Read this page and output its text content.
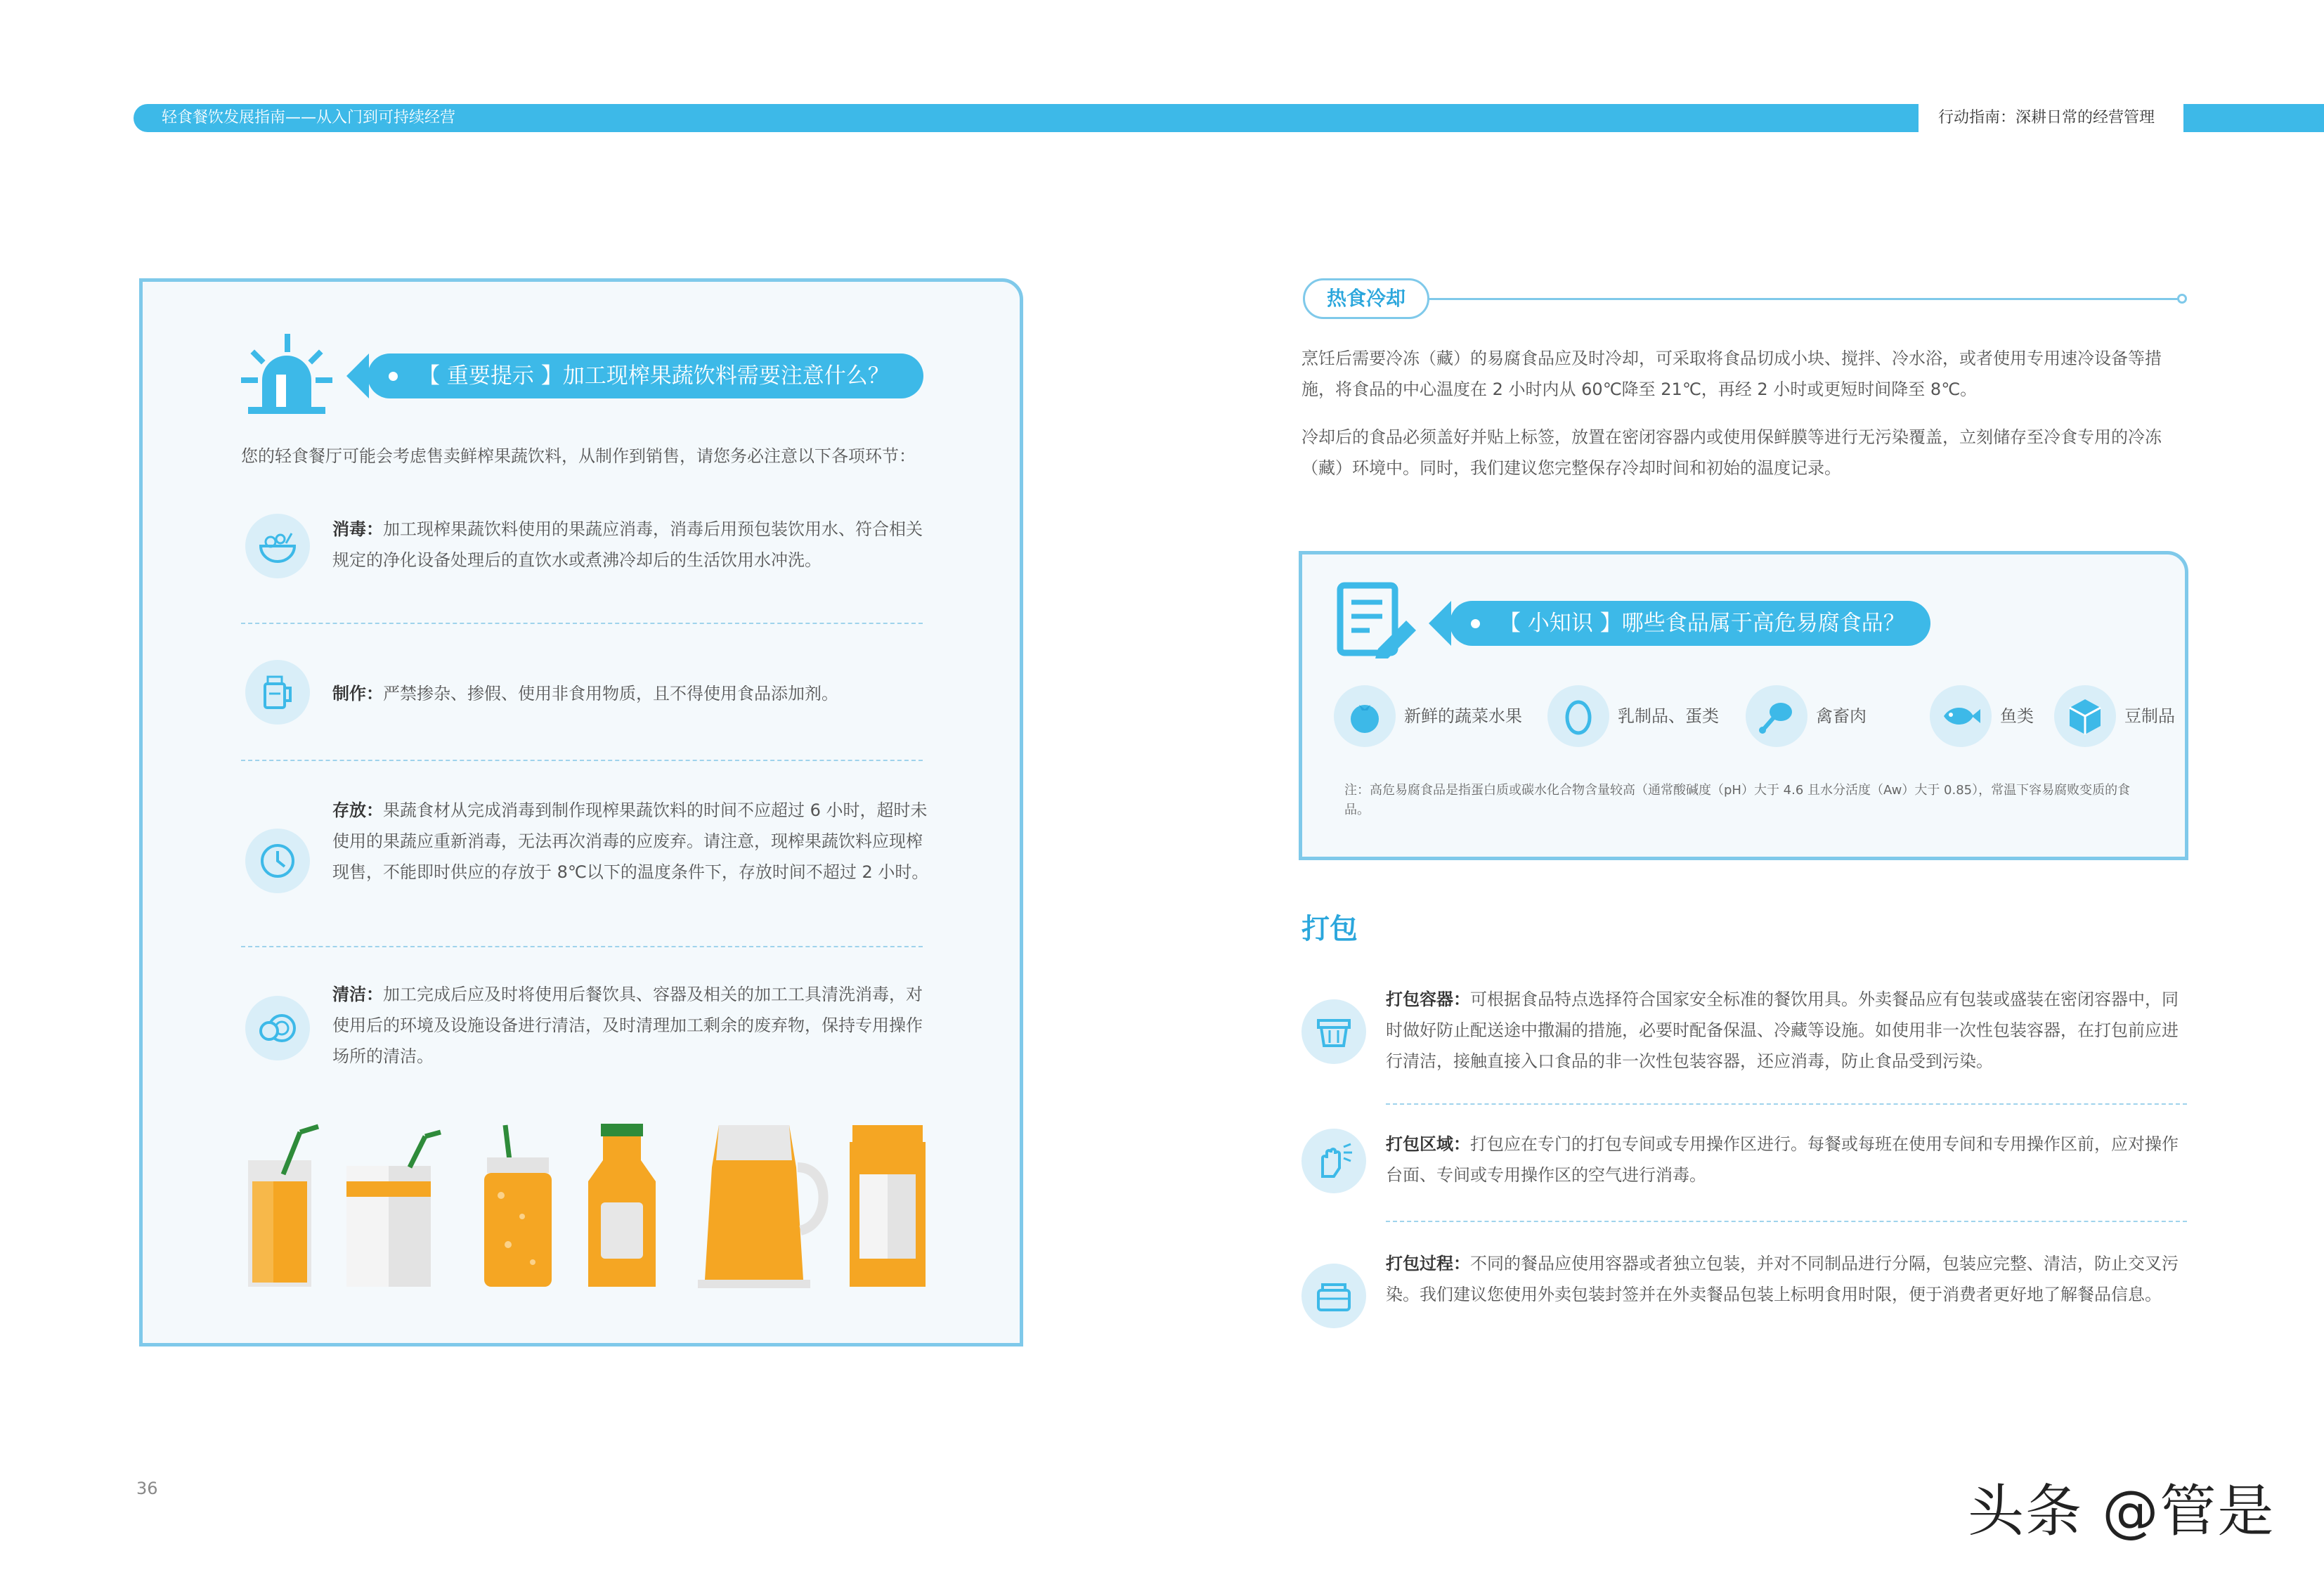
轻食餐饮发展指南——从入门到可持续经营	行动指南：深耕日常的经营管理
【 重要提示 】加工现榨果蔬饮料需要注意什么？
您的轻食餐厅可能会考虑售卖鲜榨果蔬饮料，从制作到销售，请您务必注意以下各项环节：
消毒：加工现榨果蔬饮料使用的果蔬应消毒，消毒后用预包装饮用水、符合相关规定的净化设备处理后的直饮水或煮沸冷却后的生活饮用水冲洗。
制作：严禁掺杂、掺假、使用非食用物质，且不得使用食品添加剂。
存放：果蔬食材从完成消毒到制作现榨果蔬饮料的时间不应超过 6 小时，超时未使用的果蔬应重新消毒，无法再次消毒的应废弃。请注意，现榨果蔬饮料应现榨现售，不能即时供应的存放于 8℃以下的温度条件下，存放时间不超过 2 小时。
清洁：加工完成后应及时将使用后餐饮具、容器及相关的加工工具清洗消毒，对使用后的环境及设施设备进行清洁，及时清理加工剩余的废弃物，保持专用操作场所的清洁。
热食冷却
烹饪后需要冷冻（藏）的易腐食品应及时冷却，可采取将食品切成小块、搅拌、冷水浴，或者使用专用速冷设备等措施，将食品的中心温度在 2 小时内从 60℃降至 21℃，再经 2 小时或更短时间降至 8℃。
冷却后的食品必须盖好并贴上标签，放置在密闭容器内或使用保鲜膜等进行无污染覆盖，立刻储存至冷食专用的冷冻（藏）环境中。同时，我们建议您完整保存冷却时间和初始的温度记录。
【 小知识 】哪些食品属于高危易腐食品？
新鲜的蔬菜水果	乳制品、蛋类	禽畜肉	鱼类	豆制品
注：高危易腐食品是指蛋白质或碳水化合物含量较高（通常酸碱度（pH）大于 4.6 且水分活度（Aw）大于 0.85），常温下容易腐败变质的食品。
打包
打包容器：可根据食品特点选择符合国家安全标准的餐饮用具。外卖餐品应有包装或盛装在密闭容器中，同时做好防止配送途中撒漏的措施，必要时配备保温、冷藏等设施。如使用非一次性包装容器，在打包前应进行清洁，接触直接入口食品的非一次性包装容器，还应消毒，防止食品受到污染。
打包区域：打包应在专门的打包专间或专用操作区进行。每餐或每班在使用专间和专用操作区前，应对操作台面、专间或专用操作区的空气进行消毒。
打包过程：不同的餐品应使用容器或者独立包装，并对不同制品进行分隔，包装应完整、清洁，防止交叉污染。我们建议您使用外卖包装封签并在外卖餐品包装上标明食用时限，便于消费者更好地了解餐品信息。
36	头条 @管是
